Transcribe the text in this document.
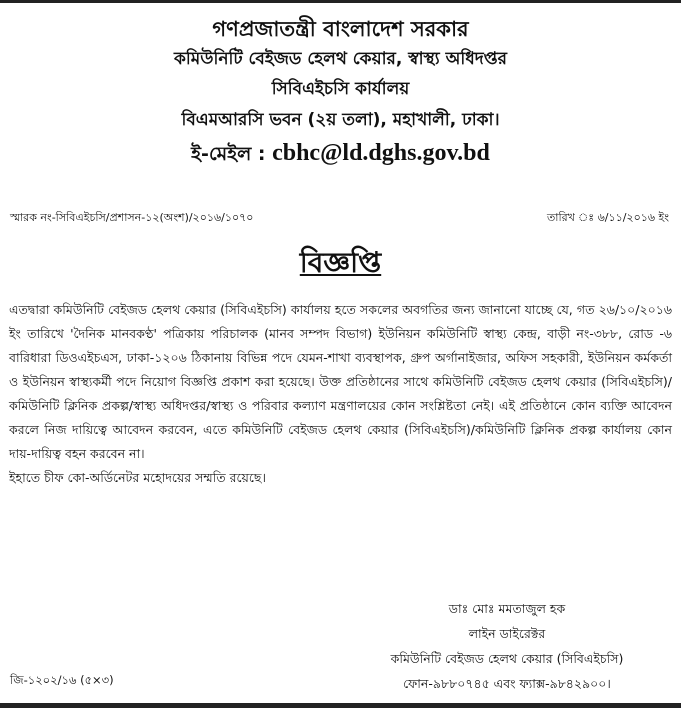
গণপ্রজাতন্ত্রী বাংলাদেশ সরকার
কমিউনিটি বেইজড হেলথ কেয়ার, স্বাস্থ্য অধিদপ্তর
সিবিএইচসি কার্যালয়
বিএমআরসি ভবন (২য় তলা), মহাখালী, ঢাকা।
ই-মেইল : cbhc@ld.dghs.gov.bd
স্মারক নং-সিবিএইচসি/প্রশাসন-১২(অংশ)/২০১৬/১০৭০	তারিখ ঃ ৬/১১/২০১৬ ইং
বিজ্ঞপ্তি
এতদ্বারা কমিউনিটি বেইজড হেলথ কেয়ার (সিবিএইচসি) কার্যালয় হতে সকলের অবগতির জন্য জানানো যাচ্ছে যে, গত ২৬/১০/২০১৬ ইং তারিখে 'দৈনিক মানবকণ্ঠ' পত্রিকায় পরিচালক (মানব সম্পদ বিভাগ) ইউনিয়ন কমিউনিটি স্বাস্থ্য কেন্দ্র, বাড়ী নং-৩৮৮, রোড -৬ বারিধারা ডিওএইচএস, ঢাকা-১২০৬ ঠিকানায় বিভিন্ন পদে যেমন-শাখা ব্যবস্থাপক, গ্রুপ অর্গানাইজার, অফিস সহকারী, ইউনিয়ন কর্মকর্তা ও ইউনিয়ন স্বাস্থ্যকর্মী পদে নিয়োগ বিজ্ঞপ্তি প্রকাশ করা হয়েছে। উক্ত প্রতিষ্ঠানের সাথে কমিউনিটি বেইজড হেলথ কেয়ার (সিবিএইচসি)/কমিউনিটি ক্লিনিক প্রকল্প/স্বাস্থ্য অধিদপ্তর/স্বাস্থ্য ও পরিবার কল্যাণ মন্ত্রণালয়ের কোন সংশ্লিষ্টতা নেই। এই প্রতিষ্ঠানে কোন ব্যক্তি আবেদন করলে নিজ দায়িত্বে আবেদন করবেন, এতে কমিউনিটি বেইজড হেলথ কেয়ার (সিবিএইচসি)/কমিউনিটি ক্লিনিক প্রকল্প কার্যালয় কোন দায়-দায়িত্ব বহন করবেন না।
ইহাতে চীফ কো-অর্ডিনেটর মহোদয়ের সম্মতি রয়েছে।
ডাঃ মোঃ মমতাজুল হক
লাইন ডাইরেক্টর
কমিউনিটি বেইজড হেলথ কেয়ার (সিবিএইচসি)
ফোন-৯৮৮০৭৪৫ এবং ফ্যাক্স-৯৮৪২৯০০।
জি-১২০২/১৬ (৫×৩)
